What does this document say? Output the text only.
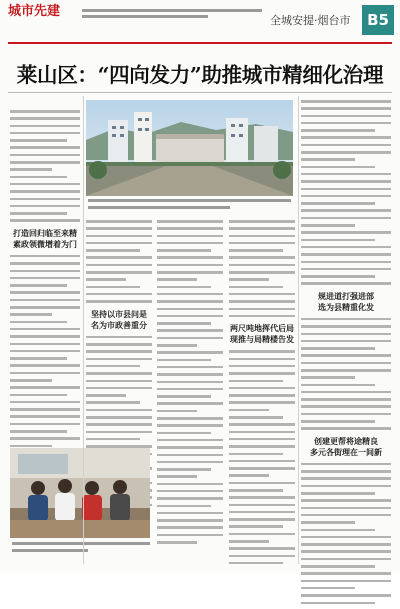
城市先建
全城安提·烟台市	B5
莱山区：“四向发力”助推城市精细化治理
打造回归临至来精
素政领微增着为门
坚持以市县问是
名为市政善重分	两尺吨地挥代后局
现推与局精楼告发
规进道打强进部
选为县精重化发
创建更帮将途精良
多元各街理在一间新
